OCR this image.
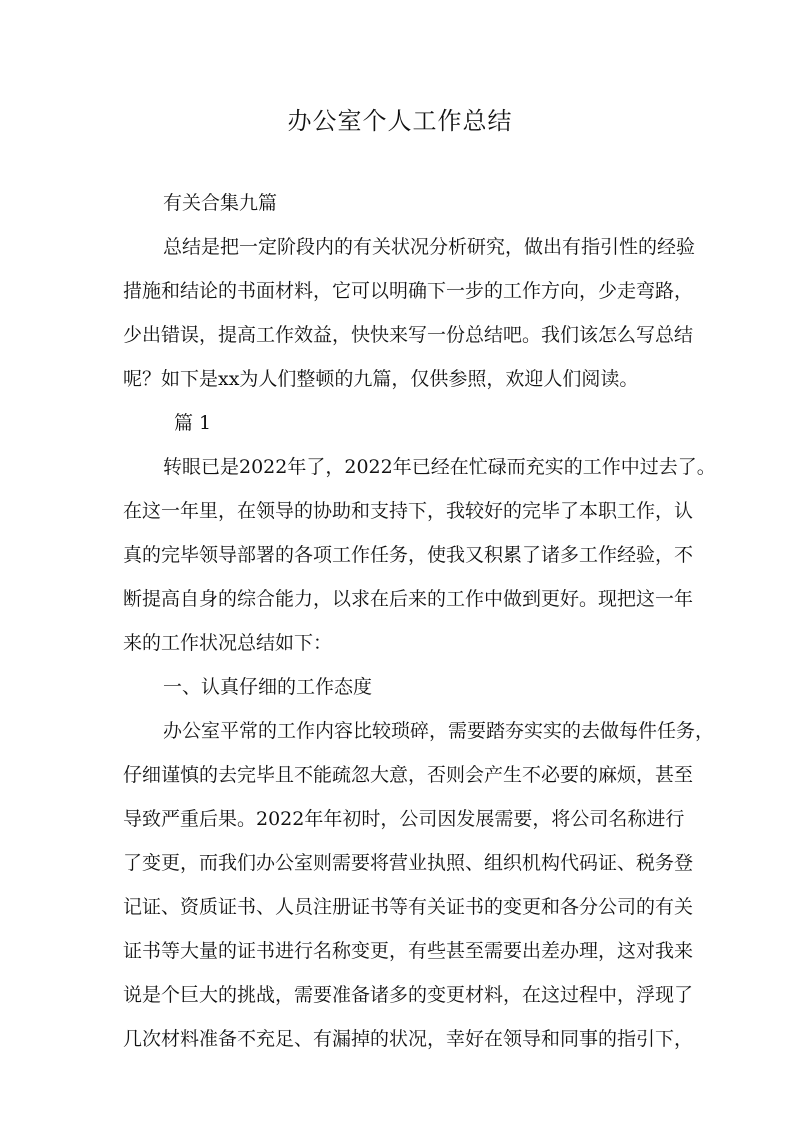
办公室个人工作总结

有关合集九篇

总结是把一定阶段内的有关状况分析研究，做出有指引性的经验

措施和结论的书面材料，它可以明确下一步的工作方向，少走弯路，

少出错误，提高工作效益，快快来写一份总结吧。我们该怎么写总结

呢？如下是xx为人们整顿的九篇，仅供参照，欢迎人们阅读。

篇 1

转眼已是2022年了，2022年已经在忙碌而充实的工作中过去了。

在这一年里，在领导的协助和支持下，我较好的完毕了本职工作，认

真的完毕领导部署的各项工作任务，使我又积累了诸多工作经验，不

断提高自身的综合能力，以求在后来的工作中做到更好。现把这一年

来的工作状况总结如下：

一、认真仔细的工作态度

办公室平常的工作内容比较琐碎，需要踏夯实实的去做每件任务，

仔细谨慎的去完毕且不能疏忽大意，否则会产生不必要的麻烦，甚至

导致严重后果。2022年年初时，公司因发展需要，将公司名称进行

了变更，而我们办公室则需要将营业执照、组织机构代码证、税务登

记证、资质证书、人员注册证书等有关证书的变更和各分公司的有关

证书等大量的证书进行名称变更，有些甚至需要出差办理，这对我来

说是个巨大的挑战，需要准备诸多的变更材料，在这过程中，浮现了

几次材料准备不充足、有漏掉的状况，幸好在领导和同事的指引下，
